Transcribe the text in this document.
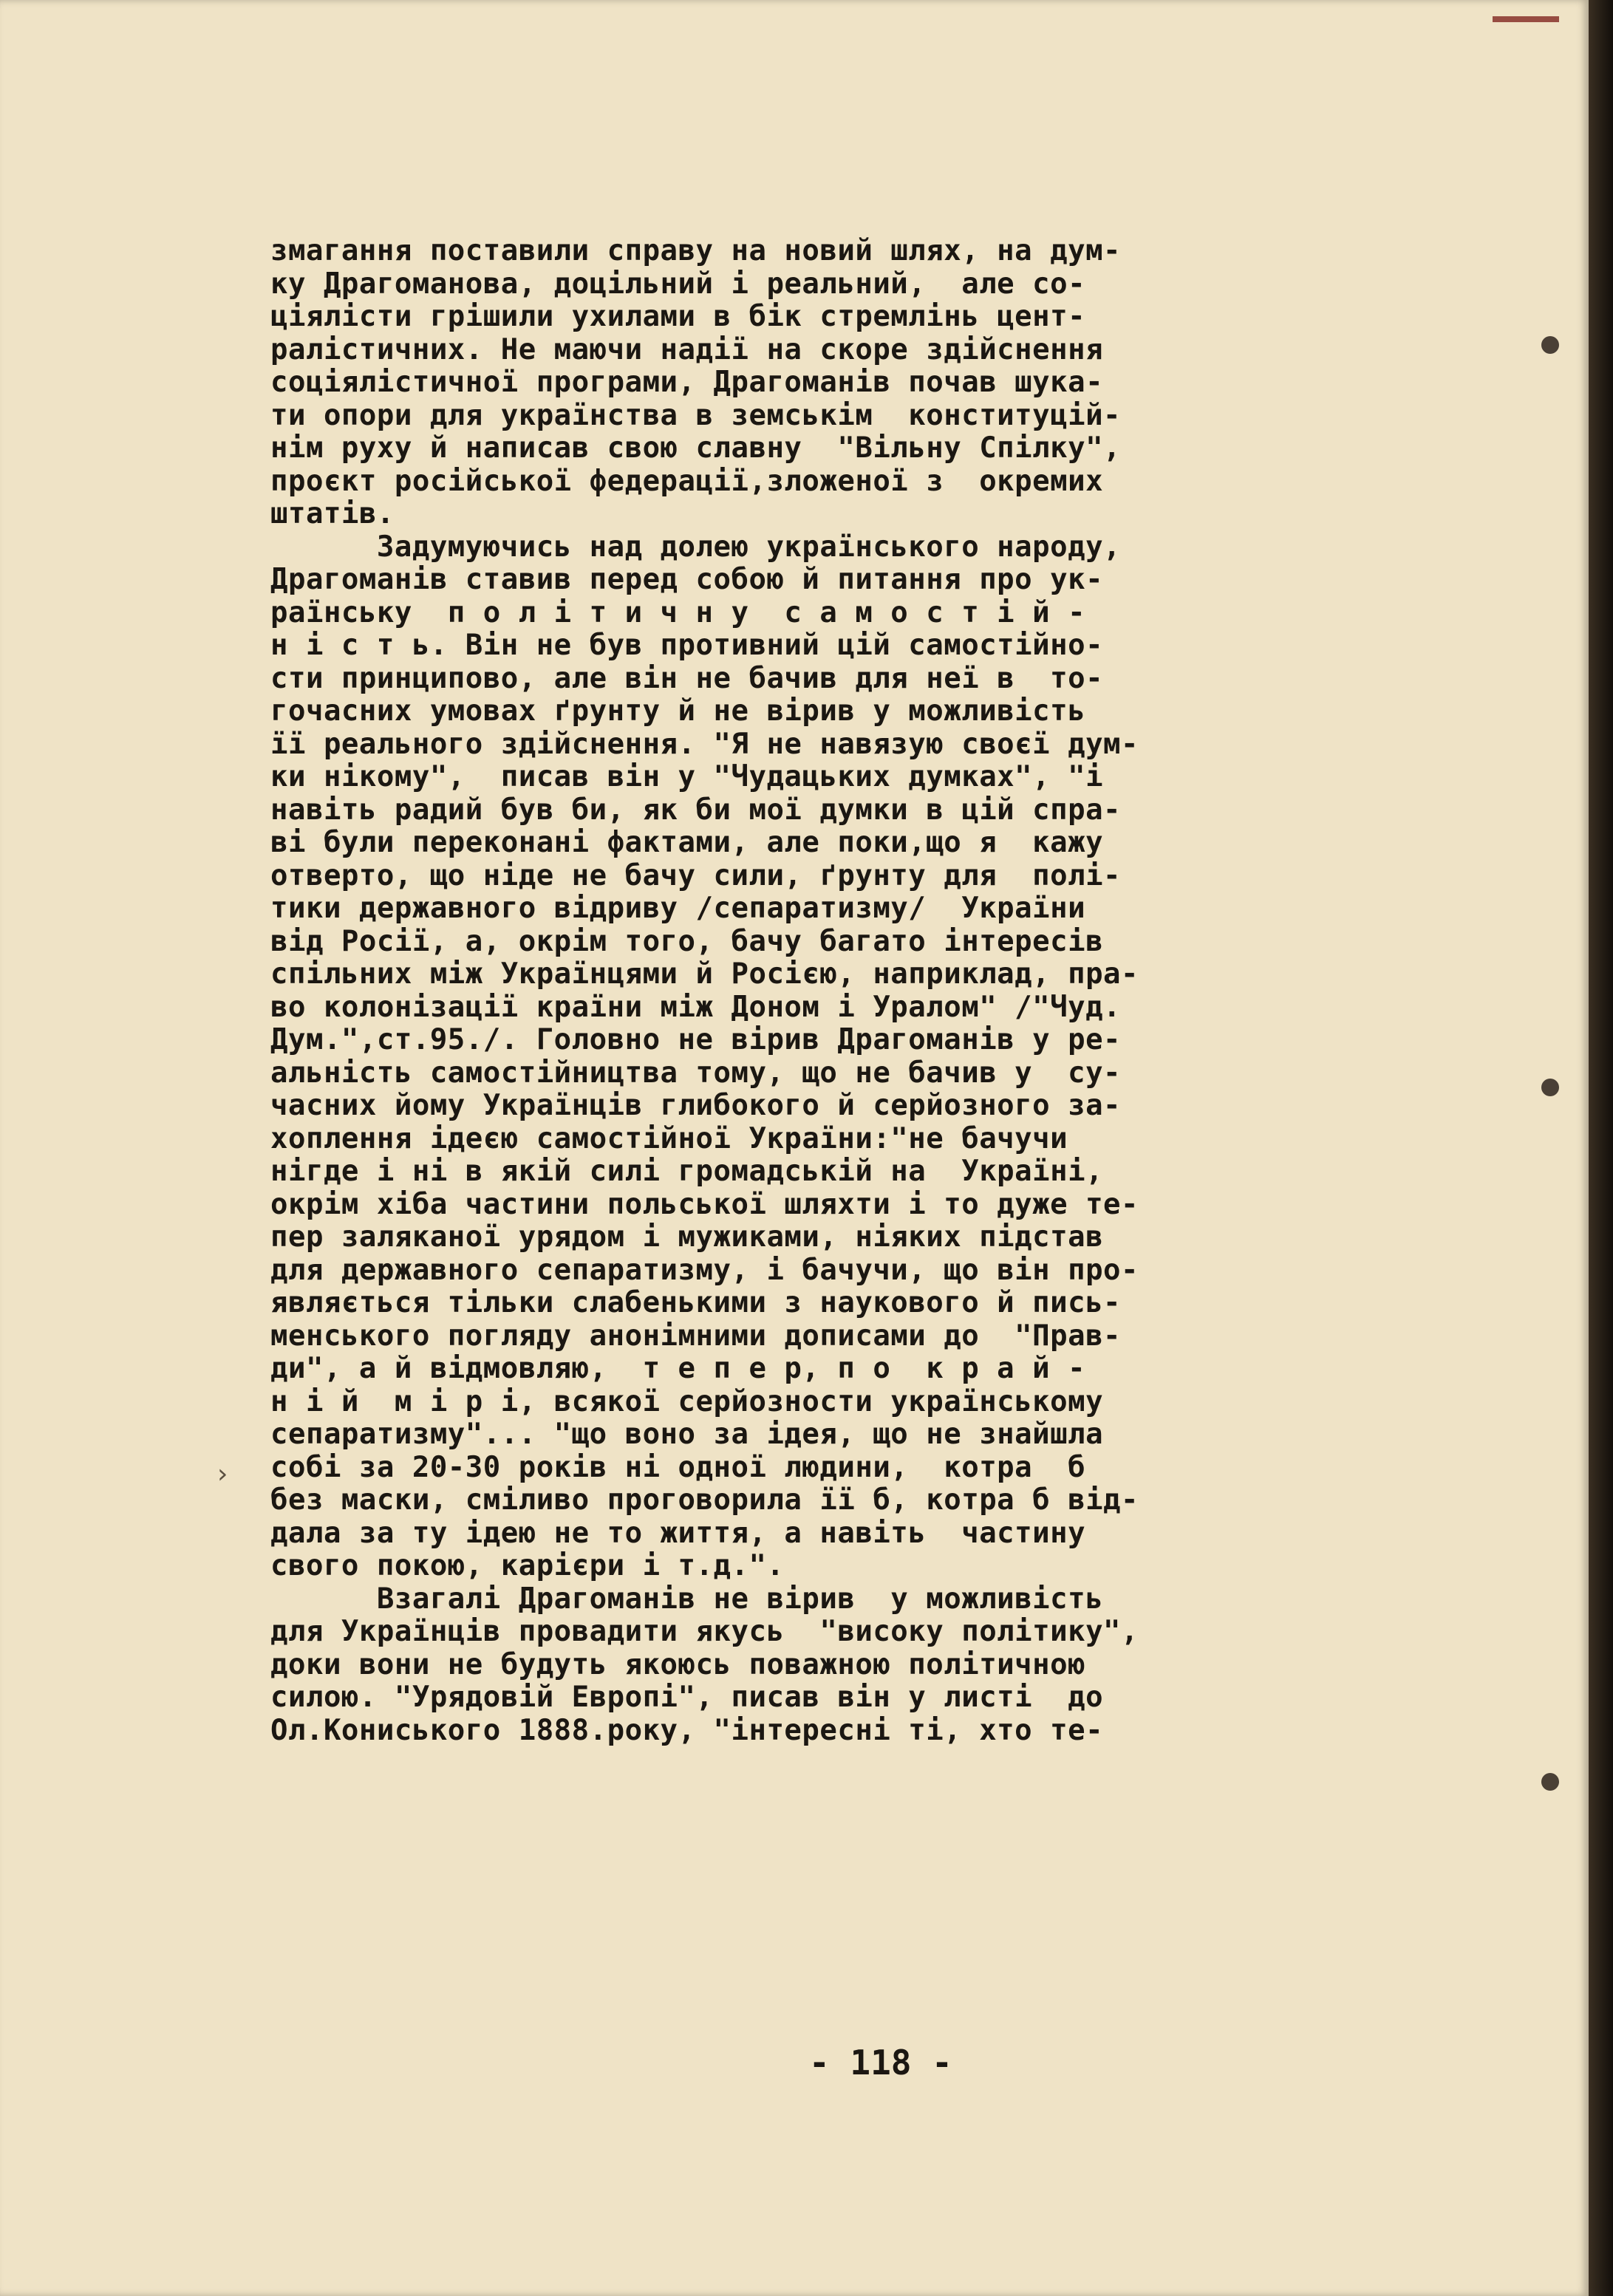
›

змагання поставили справу на новий шлях, на дум-

ку Драгоманова, доцільний і реальний,  але со-

ціялісти грішили ухилами в бік стремлінь цент-

ралістичних. Не маючи надії на скоре здійснення

соціялістичної програми, Драгоманів почав шука-

ти опори для українства в земськім  конституцій-

нім руху й написав свою славну  "Вільну Спілку",

проєкт російської федерації,зложеної з  окремих

штатів.

Задумуючись над долею українського народу,

Драгоманів ставив перед собою й питання про ук-

раїнську  п о л і т и ч н у  с а м о с т і й -

н і с т ь. Він не був противний цій самостійно-

сти принципово, але він не бачив для неї в  то-

гочасних умовах ґрунту й не вірив у можливість

її реального здійснення. "Я не навязую своєї дум-

ки нікому",  писав він у "Чудацьких думках", "і

навіть радий був би, як би мої думки в цій спра-

ві були переконані фактами, але поки,що я  кажу

отверто, що ніде не бачу сили, ґрунту для  полі-

тики державного відриву /сепаратизму/  України

від Росії, а, окрім того, бачу багато інтересів

спільних між Українцями й Росією, наприклад, пра-

во колонізації країни між Доном і Уралом" /"Чуд.

Дум.",ст.95./. Головно не вірив Драгоманів у ре-

альність самостійництва тому, що не бачив у  су-

часних йому Українців глибокого й серйозного за-

хоплення ідеєю самостійної України:"не бачучи

нігде і ні в якій силі громадській на  Україні,

окрім хіба частини польської шляхти і то дуже те-

пер заляканої урядом і мужиками, ніяких підстав

для державного сепаратизму, і бачучи, що він про-

являється тільки слабенькими з наукового й пись-

менського погляду анонімними дописами до  "Прав-

ди", а й відмовляю,  т е п е р, п о  к р а й -

н і й  м і р і, всякої серйозности українському

сепаратизму"... "що воно за ідея, що не знайшла

собі за 20-30 років ні одної людини,  котра  б

без маски, сміливо проговорила її б, котра б від-

дала за ту ідею не то життя, а навіть  частину

свого покою, карієри і т.д.".

Взагалі Драгоманів не вірив  у можливість

для Українців провадити якусь  "високу політику",

доки вони не будуть якоюсь поважною політичною

силою. "Урядовій Европі", писав він у листі  до

Ол.Кониського 1888.року, "інтересні ті, хто те-

- 118 -
